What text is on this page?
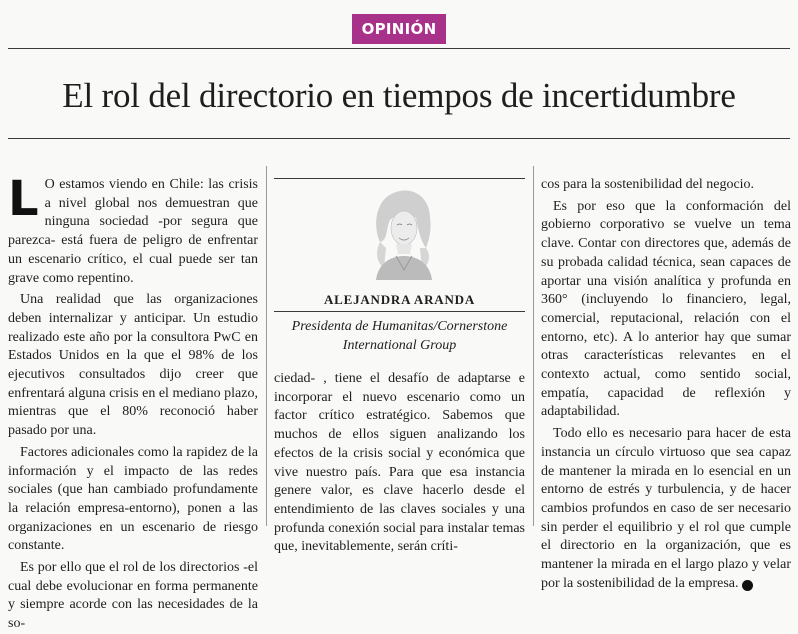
OPINIÓN
El rol del directorio en tiempos de incertidumbre

L O estamos viendo en Chile: las crisis a nivel global nos demuestran que ninguna sociedad -por segura que parezca- está fuera de peligro de enfrentar un escenario crítico, el cual puede ser tan grave como repentino.

Una realidad que las organizaciones deben internalizar y anticipar. Un estudio realizado este año por la consultora PwC en Estados Unidos en la que el 98% de los ejecutivos consultados dijo creer que enfrentará alguna crisis en el mediano plazo, mientras que el 80% reconoció haber pasado por una.

Factores adicionales como la rapidez de la información y el impacto de las redes sociales (que han cambiado profundamente la relación empresa-entorno), ponen a las organizaciones en un escenario de riesgo constante.

Es por ello que el rol de los directorios -el cual debe evolucionar en forma permanente y siempre acorde con las necesidades de la so-

ALEJANDRA ARANDA
Presidenta de Humanitas/Cornerstone International Group

ciedad- , tiene el desafío de adaptarse e incorporar el nuevo escenario como un factor crítico estratégico. Sabemos que muchos de ellos siguen analizando los efectos de la crisis social y económica que vive nuestro país. Para que esa instancia genere valor, es clave hacerlo desde el entendimiento de las claves sociales y una profunda conexión social para instalar temas que, inevitablemente, serán críti-

cos para la sostenibilidad del negocio.

Es por eso que la conformación del gobierno corporativo se vuelve un tema clave. Contar con directores que, además de su probada calidad técnica, sean capaces de aportar una visión analítica y profunda en 360° (incluyendo lo financiero, legal, comercial, reputacional, relación con el entorno, etc). A lo anterior hay que sumar otras características relevantes en el contexto actual, como sentido social, empatía, capacidad de reflexión y adaptabilidad.

Todo ello es necesario para hacer de esta instancia un círculo virtuoso que sea capaz de mantener la mirada en lo esencial en un entorno de estrés y turbulencia, y de hacer cambios profundos en caso de ser necesario sin perder el equilibrio y el rol que cumple el directorio en la organización, que es mantener la mirada en el largo plazo y velar por la sostenibilidad de la empresa. P
